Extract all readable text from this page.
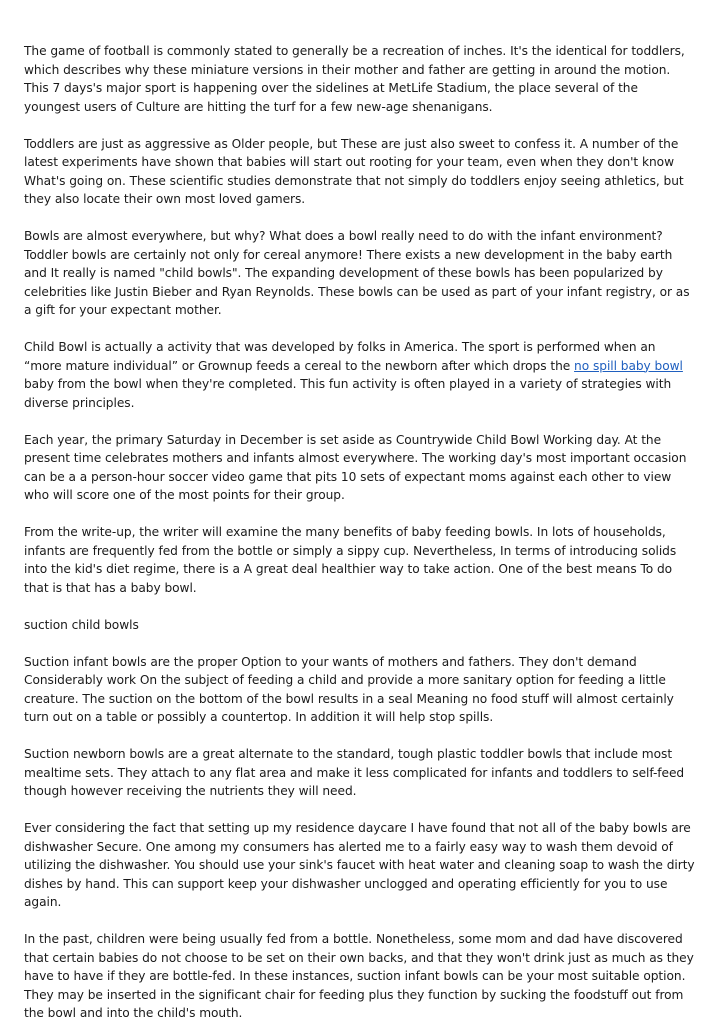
The game of football is commonly stated to generally be a recreation of inches. It's the identical for toddlers, which describes why these miniature versions in their mother and father are getting in around the motion. This 7 days's major sport is happening over the sidelines at MetLife Stadium, the place several of the youngest users of Culture are hitting the turf for a few new-age shenanigans.

Toddlers are just as aggressive as Older people, but These are just also sweet to confess it. A number of the latest experiments have shown that babies will start out rooting for your team, even when they don't know What's going on. These scientific studies demonstrate that not simply do toddlers enjoy seeing athletics, but they also locate their own most loved gamers.

Bowls are almost everywhere, but why? What does a bowl really need to do with the infant environment? Toddler bowls are certainly not only for cereal anymore! There exists a new development in the baby earth and It really is named "child bowls". The expanding development of these bowls has been popularized by celebrities like Justin Bieber and Ryan Reynolds. These bowls can be used as part of your infant registry, or as a gift for your expectant mother.

Child Bowl is actually a activity that was developed by folks in America. The sport is performed when an “more mature individual” or Grownup feeds a cereal to the newborn after which drops the no spill baby bowl baby from the bowl when they're completed. This fun activity is often played in a variety of strategies with diverse principles.

Each year, the primary Saturday in December is set aside as Countrywide Child Bowl Working day. At the present time celebrates mothers and infants almost everywhere. The working day's most important occasion can be a a person-hour soccer video game that pits 10 sets of expectant moms against each other to view who will score one of the most points for their group.

From the write-up, the writer will examine the many benefits of baby feeding bowls. In lots of households, infants are frequently fed from the bottle or simply a sippy cup. Nevertheless, In terms of introducing solids into the kid's diet regime, there is a A great deal healthier way to take action. One of the best means To do that is that has a baby bowl.

suction child bowls

Suction infant bowls are the proper Option to your wants of mothers and fathers. They don't demand Considerably work On the subject of feeding a child and provide a more sanitary option for feeding a little creature. The suction on the bottom of the bowl results in a seal Meaning no food stuff will almost certainly turn out on a table or possibly a countertop. In addition it will help stop spills.

Suction newborn bowls are a great alternate to the standard, tough plastic toddler bowls that include most mealtime sets. They attach to any flat area and make it less complicated for infants and toddlers to self-feed though however receiving the nutrients they will need.

Ever considering the fact that setting up my residence daycare I have found that not all of the baby bowls are dishwasher Secure. One among my consumers has alerted me to a fairly easy way to wash them devoid of utilizing the dishwasher. You should use your sink's faucet with heat water and cleaning soap to wash the dirty dishes by hand. This can support keep your dishwasher unclogged and operating efficiently for you to use again.

In the past, children were being usually fed from a bottle. Nonetheless, some mom and dad have discovered that certain babies do not choose to be set on their own backs, and that they won't drink just as much as they have to have if they are bottle-fed. In these instances, suction infant bowls can be your most suitable option. They may be inserted in the significant chair for feeding plus they function by sucking the foodstuff out from the bowl and into the child's mouth.
